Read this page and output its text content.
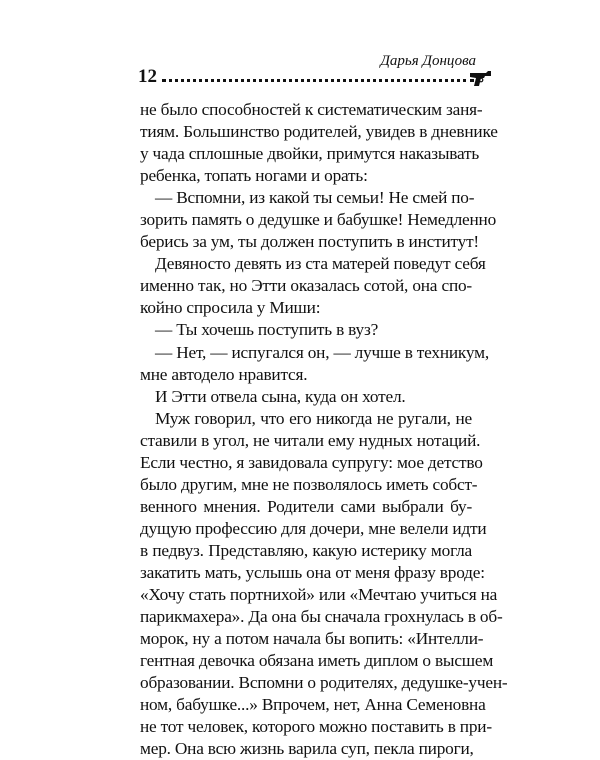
12
Дарья Донцова
не было способностей к систематическим заня-
тиям. Большинство родителей, увидев в дневнике
у чада сплошные двойки, примутся наказывать
ребенка, топать ногами и орать:
— Вспомни, из какой ты семьи! Не смей по-
зорить память о дедушке и бабушке! Немедленно
берись за ум, ты должен поступить в институт!
Девяносто девять из ста матерей поведут себя
именно так, но Этти оказалась сотой, она спо-
койно спросила у Миши:
— Ты хочешь поступить в вуз?
— Нет, — испугался он, — лучше в техникум,
мне автодело нравится.
И Этти отвела сына, куда он хотел.
Муж говорил, что его никогда не ругали, не
ставили в угол, не читали ему нудных нотаций.
Если честно, я завидовала супругу: мое детство
было другим, мне не позволялось иметь собст-
венного мнения. Родители сами выбрали бу-
дущую профессию для дочери, мне велели идти
в педвуз. Представляю, какую истерику могла
закатить мать, услышь она от меня фразу вроде:
«Хочу стать портнихой» или «Мечтаю учиться на
парикмахера». Да она бы сначала грохнулась в об-
морок, ну а потом начала бы вопить: «Интелли-
гентная девочка обязана иметь диплом о высшем
образовании. Вспомни о родителях, дедушке-учен-
ном, бабушке...» Впрочем, нет, Анна Семеновна
не тот человек, которого можно поставить в при-
мер. Она всю жизнь варила суп, пекла пироги,
